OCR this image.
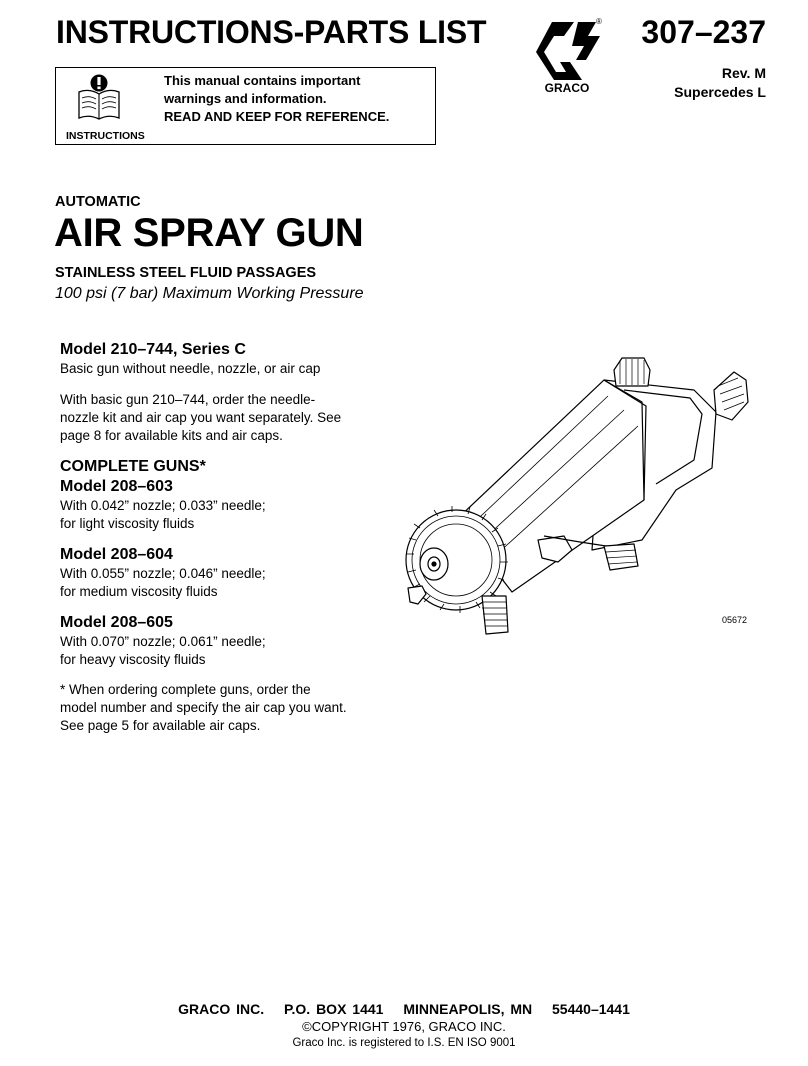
INSTRUCTIONS-PARTS LIST	®
GRACO
307–237
Rev. M
Supercedes L
INSTRUCTIONS
This manual contains important
warnings and information.
READ AND KEEP FOR REFERENCE.
AUTOMATIC
AIR SPRAY GUN
STAINLESS STEEL FLUID PASSAGES
100 psi (7 bar) Maximum Working Pressure
Model 210–744, Series C
Basic gun without needle, nozzle, or air cap
With basic gun 210–744, order the needle-
nozzle kit and air cap you want separately. See
page 8 for available kits and air caps.
COMPLETE GUNS*
Model 208–603
With 0.042” nozzle; 0.033” needle;
for light viscosity fluids
Model 208–604
With 0.055” nozzle; 0.046” needle;
for medium viscosity fluids
Model 208–605
With 0.070” nozzle; 0.061” needle;
for heavy viscosity fluids
* When ordering complete guns, order the
model number and specify the air cap you want.
See page 5 for available air caps.
05672
GRACO INC. P.O. BOX 1441 MINNEAPOLIS, MN 55440–1441
©COPYRIGHT 1976, GRACO INC.
Graco Inc. is registered to I.S. EN ISO 9001
